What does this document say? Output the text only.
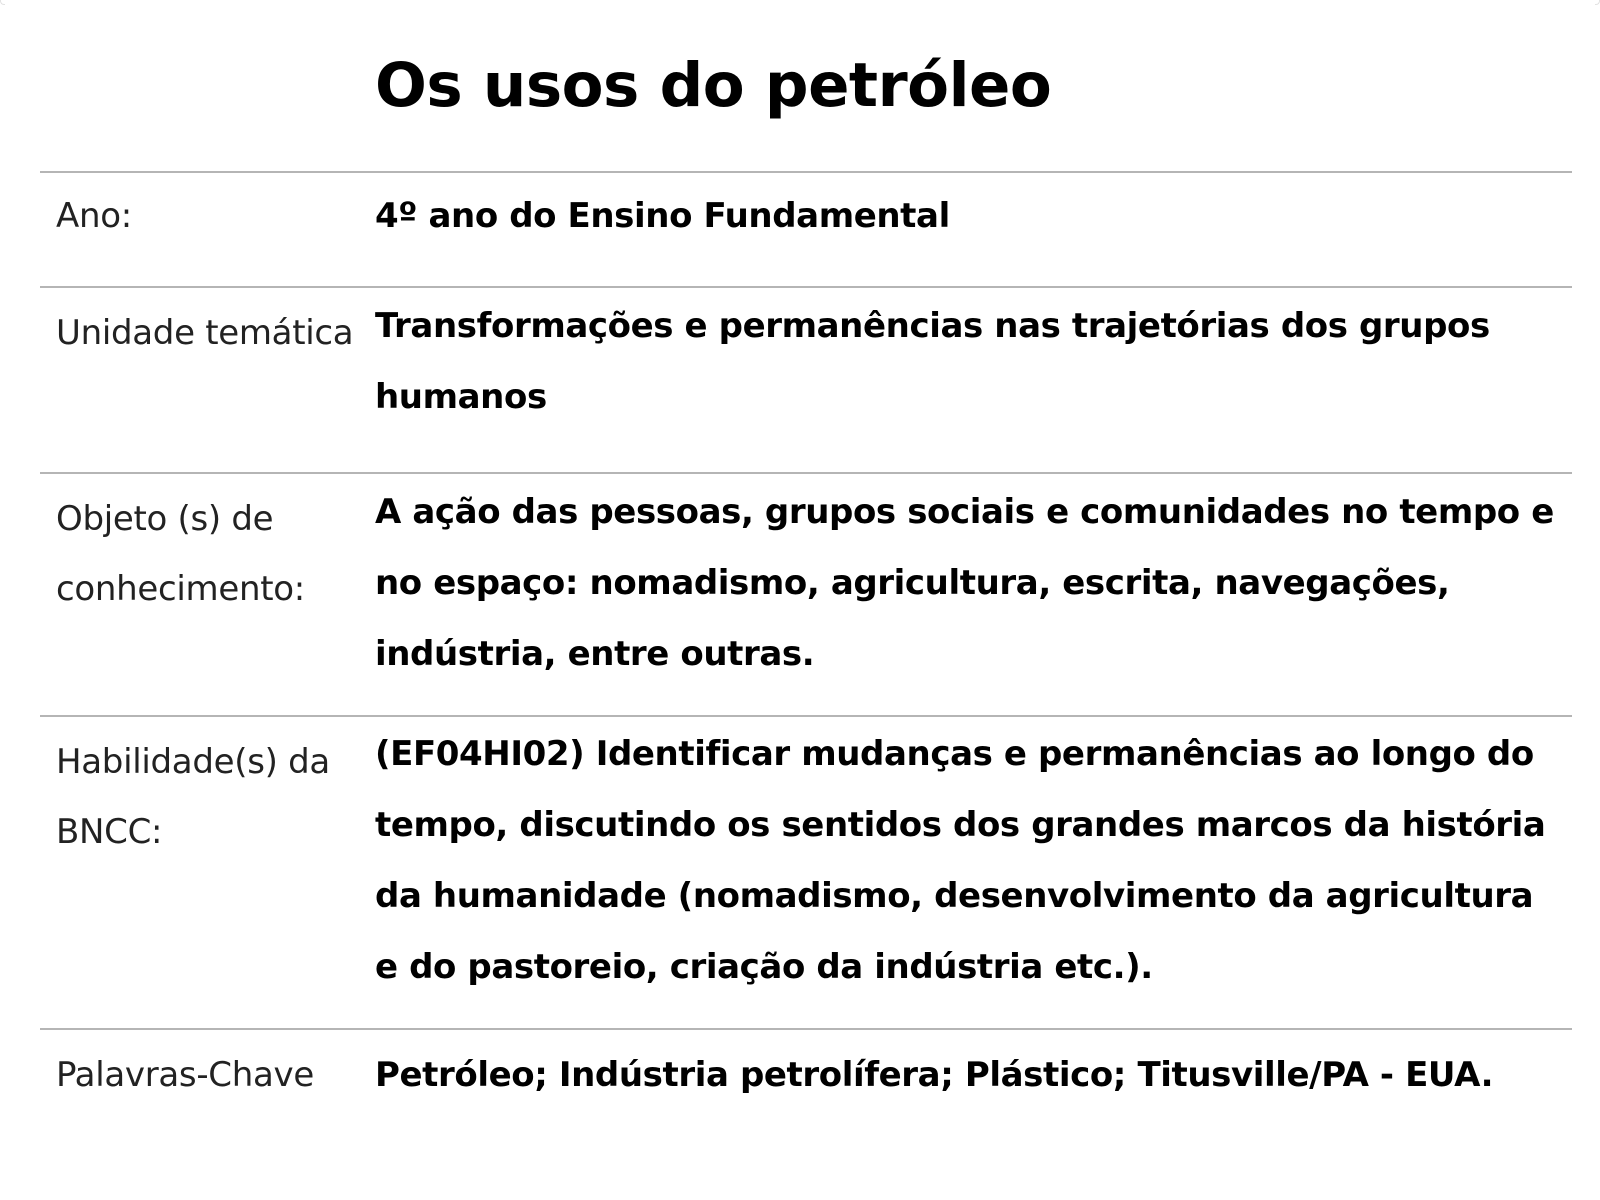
Os usos do petróleo
Ano:	4º ano do Ensino Fundamental
Unidade temática Transformações e permanências nas trajetórias dos grupos humanos
Objeto (s) de conhecimento:
A ação das pessoas, grupos sociais e comunidades no tempo e no espaço: nomadismo, agricultura, escrita, navegações, indústria, entre outras.
Habilidade(s) da BNCC:
(EF04HI02) Identificar mudanças e permanências ao longo do tempo, discutindo os sentidos dos grandes marcos da história da humanidade (nomadismo, desenvolvimento da agricultura e do pastoreio, criação da indústria etc.).
Palavras-Chave	Petróleo; Indústria petrolífera; Plástico; Titusville/PA - EUA.
